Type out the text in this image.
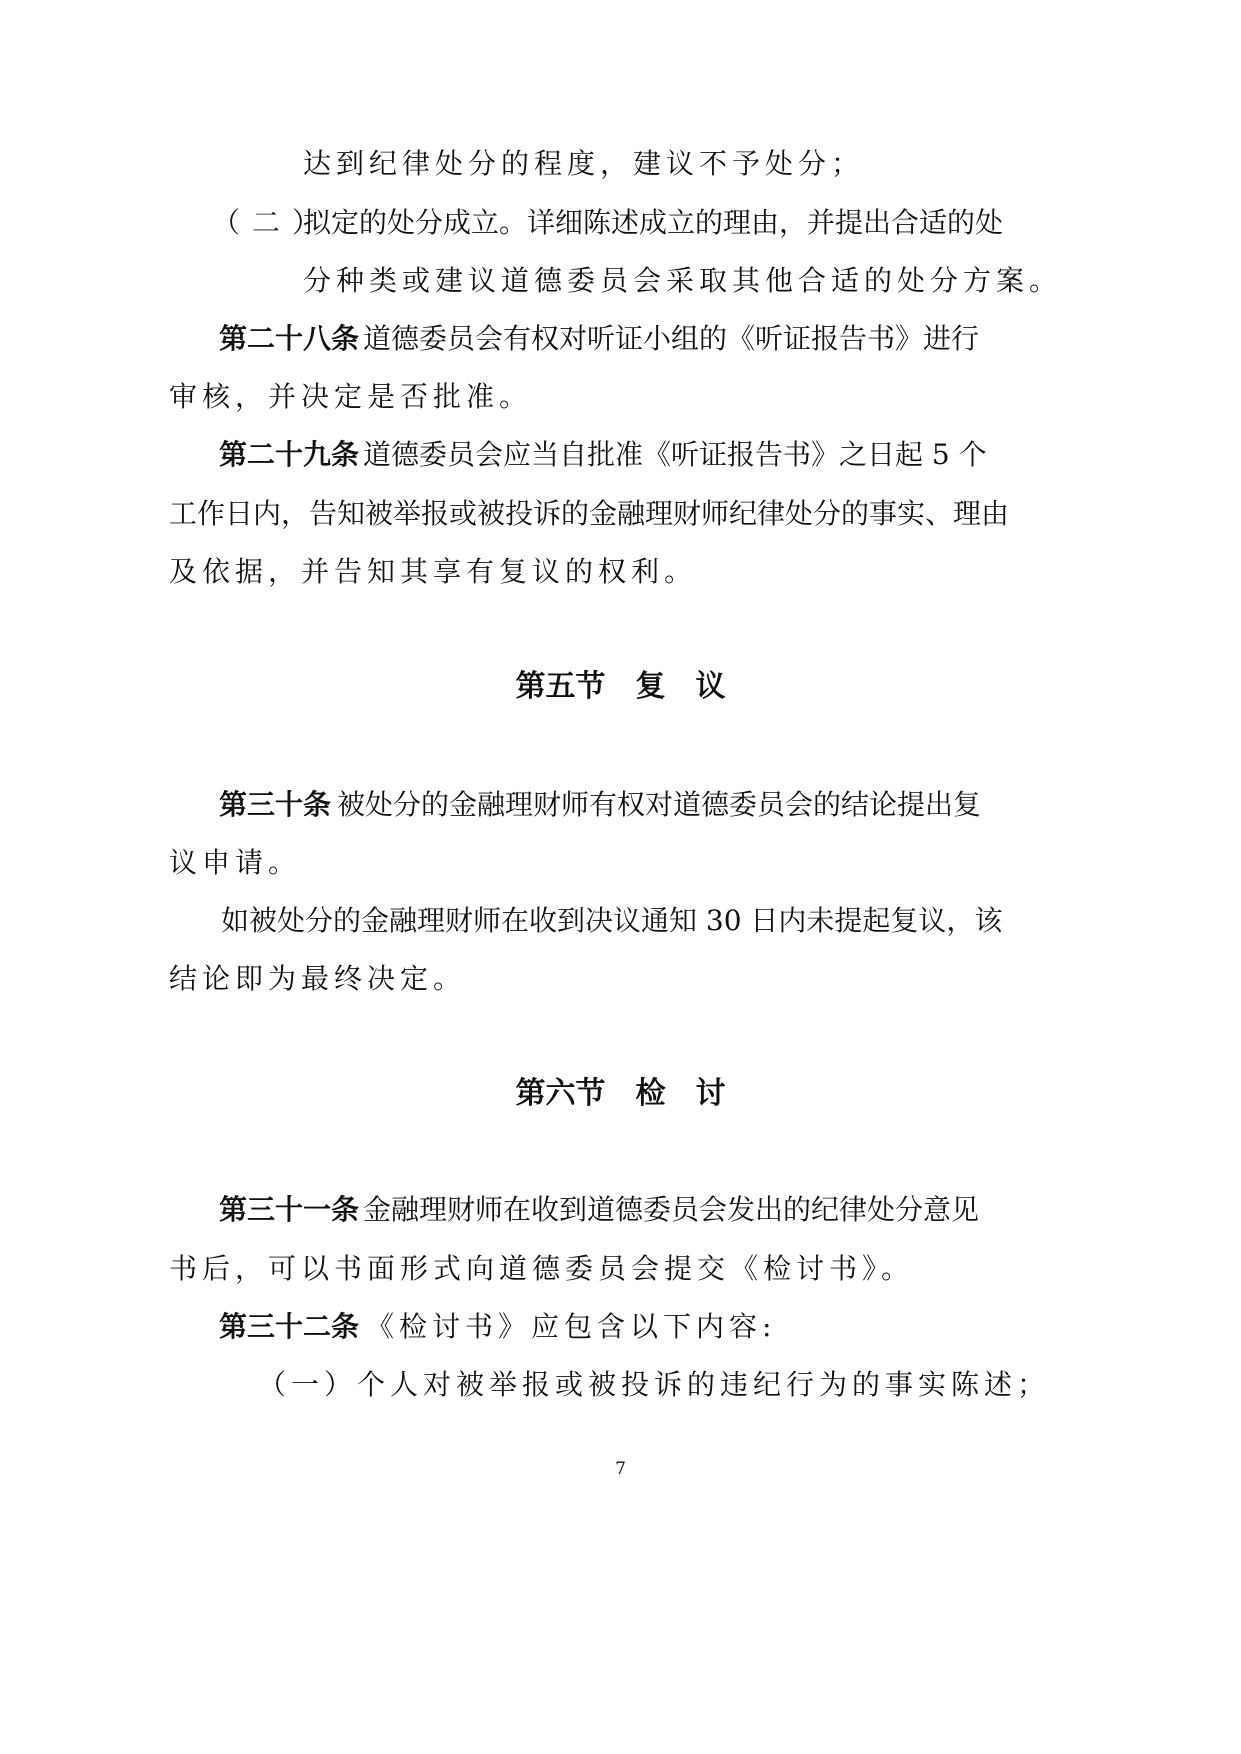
达到纪律处分的程度，建议不予处分；
（二）
拟定的处分成立。详细陈述成立的理由，并提出合适的处
分种类或建议道德委员会采取其他合适的处分方案。
第二十八条 道德委员会有权对听证小组的《听证报告书》进行
审核，并决定是否批准。
第二十九条 道德委员会应当自批准《听证报告书》之日起 5 个
工作日内，告知被举报或被投诉的金融理财师纪律处分的事实、理由
及依据，并告知其享有复议的权利。
第五节　复　议
第三十条 被处分的金融理财师有权对道德委员会的结论提出复
议申请。
如被处分的金融理财师在收到决议通知 30 日内未提起复议，该
结论即为最终决定。
第六节　检　讨
第三十一条 金融理财师在收到道德委员会发出的纪律处分意见
书后，可以书面形式向道德委员会提交《检讨书》。
第三十二条 《检讨书》应包含以下内容:
（一）个人对被举报或被投诉的违纪行为的事实陈述；
7
